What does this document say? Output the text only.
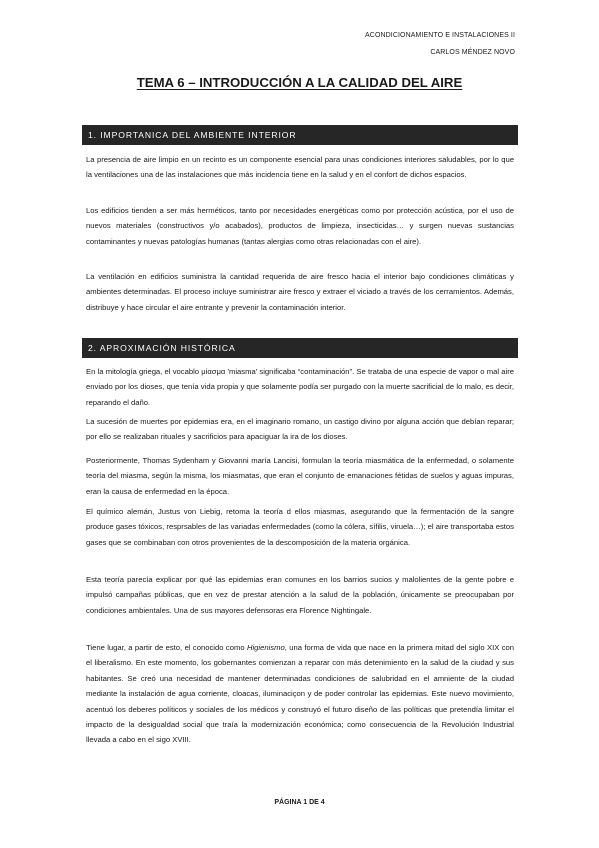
ACONDICIONAMIENTO E INSTALACIONES II
CARLOS MÉNDEZ NOVO
TEMA 6 – INTRODUCCIÓN A LA CALIDAD DEL AIRE
1. IMPORTANICA DEL AMBIENTE INTERIOR

La presencia de aire limpio en un recinto es un componente esencial para unas condiciones interiores saludables, por lo que la ventilaciones una de las instalaciones que más incidencia tiene en la salud y en el confort de dichos espacios.

Los edificios tienden a ser más herméticos, tanto por necesidades energéticas como por protección acústica, por el uso de nuevos materiales (constructivos y/o acabados), productos de limpieza, insecticidas… y surgen nuevas sustancias contaminantes y nuevas patologías humanas (tantas alergias como otras relacionadas con el aire).

La ventilación en edificios suministra la cantidad requerida de aire fresco hacia el interior bajo condiciones climáticas y ambientes determinadas. El proceso incluye suministrar aire fresco y extraer el viciado a través de los cerramientos. Además, distribuye y hace circular el aire entrante y prevenir la contaminación interior.

2. APROXIMACIÓN HISTÓRICA

En la mitología griega, el vocablo μίασμα 'miasma' significaba “contaminación”. Se trataba de una especie de vapor o mal aire enviado por los dioses, que tenía vida propia y que solamente podía ser purgado con la muerte sacrificial de lo malo, es decir, reparando el daño.

La sucesión de muertes por epidemias era, en el imaginario romano, un castigo divino por alguna acción que debían reparar; por ello se realizaban rituales y sacrificios para apaciguar la ira de los dioses.

Posteriormente, Thomas Sydenham y Giovanni maría Lancisi, formulan la teoría miasmática de la enfermedad, o solamente teoría del miasma, según la misma, los miasmatas, que eran el conjunto de emanaciones fétidas de suelos y aguas impuras, eran la causa de enfermedad en la época.

El químico alemán, Justus von Liebig, retoma la teoría d ellos miasmas, asegurando que la fermentación de la sangre produce gases tóxicos, resprsables de las variadas enfermedades (como la cólera, sífilis, viruela…); el aire transportaba estos gases que se combinaban con otros provenientes de la descomposición de la materia orgánica.

Esta teoría parecía explicar por qué las epidemias eran comunes en los barrios sucios y malolientes de la gente pobre e impulsó campañas públicas, que en vez de prestar atención a la salud de la población, únicamente se preocupaban por condiciones ambientales. Una de sus mayores defensoras era Florence Nightingale.

Tiene lugar, a partir de esto, el conocido como Higienismo, una forma de vida que nace en la primera mitad del siglo XIX con el liberalismo. En este momento, los gobernantes comienzan a reparar con más detenimiento en la salud de la ciudad y sus habitantes. Se creó una necesidad de mantener determinadas condiciones de salubridad en el amniente de la ciudad mediante la instalación de agua corriente, cloacas, iluminaciçon y de poder controlar las epidemias. Este nuevo movimiento, acentuó los deberes políticos y sociales de los médicos y construyó el futuro diseño de las políticas que pretendía limitar el impacto de la desigualdad social que traía la modernización económica; como consecuencia de la Revolución Industrial llevada a cabo en el sigo XVIII.

PÁGINA 1 DE 4
